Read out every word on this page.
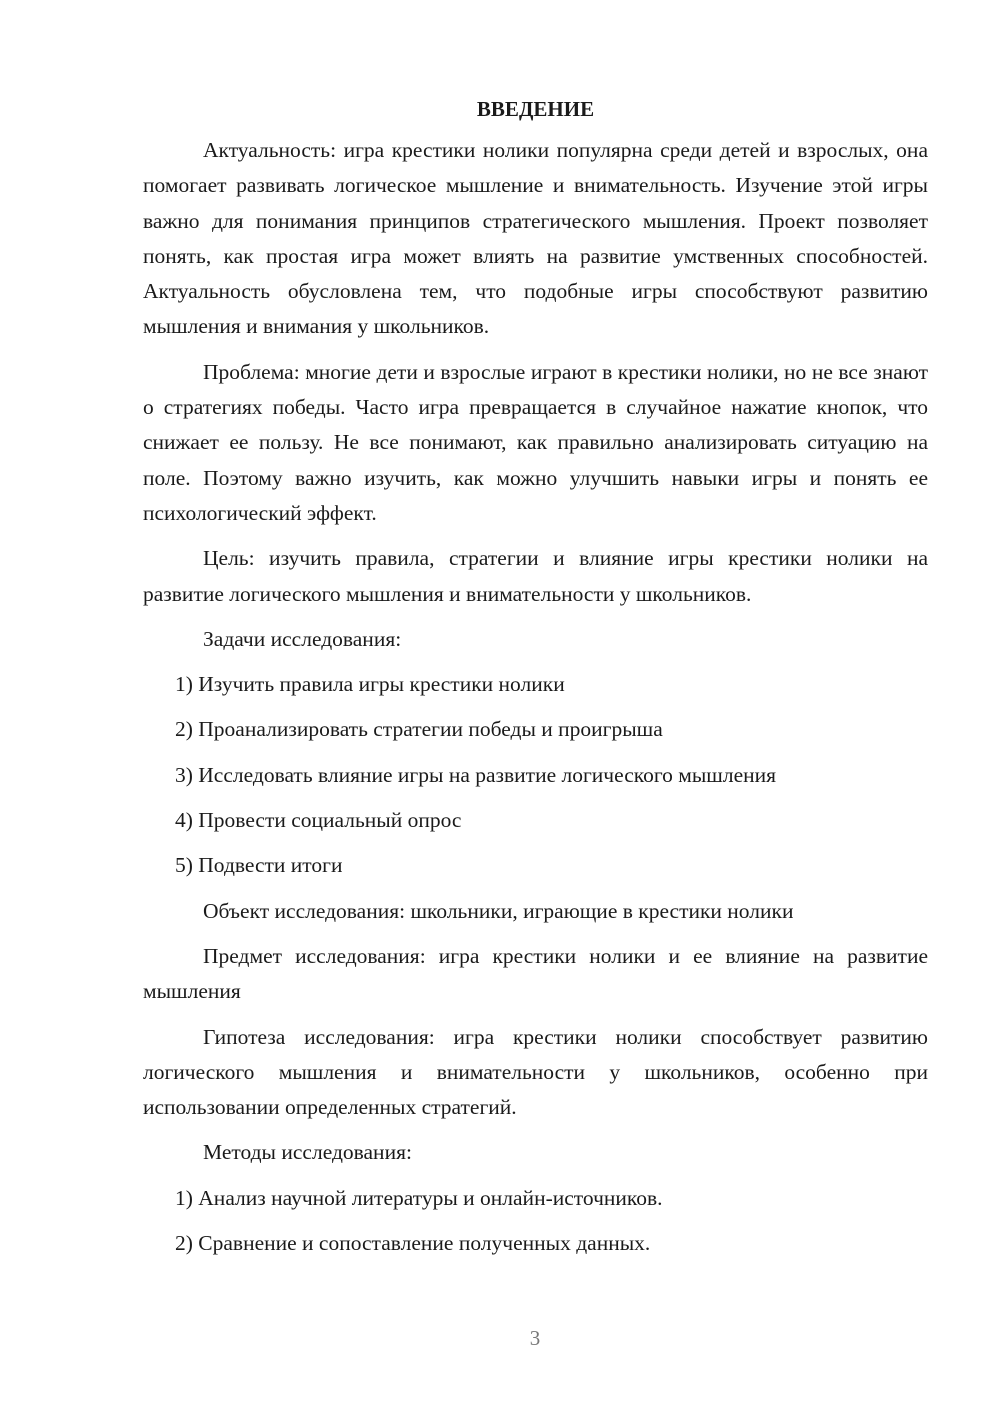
ВВЕДЕНИЕ

Актуальность: игра крестики нолики популярна среди детей и взрослых, она помогает развивать логическое мышление и внимательность. Изучение этой игры важно для понимания принципов стратегического мышления. Проект позволяет понять, как простая игра может влиять на развитие умственных способностей. Актуальность обусловлена тем, что подобные игры способствуют развитию мышления и внимания у школьников.

Проблема: многие дети и взрослые играют в крестики нолики, но не все знают о стратегиях победы. Часто игра превращается в случайное нажатие кнопок, что снижает ее пользу. Не все понимают, как правильно анализировать ситуацию на поле. Поэтому важно изучить, как можно улучшить навыки игры и понять ее психологический эффект.

Цель: изучить правила, стратегии и влияние игры крестики нолики на развитие логического мышления и внимательности у школьников.

Задачи исследования:
1) Изучить правила игры крестики нолики
2) Проанализировать стратегии победы и проигрыша
3) Исследовать влияние игры на развитие логического мышления
4) Провести социальный опрос
5) Подвести итоги
Объект исследования: школьники, играющие в крестики нолики

Предмет исследования: игра крестики нолики и ее влияние на развитие мышления

Гипотеза исследования: игра крестики нолики способствует развитию логического мышления и внимательности у школьников, особенно при использовании определенных стратегий.

Методы исследования:
1) Анализ научной литературы и онлайн-источников.
2) Сравнение и сопоставление полученных данных.
3
